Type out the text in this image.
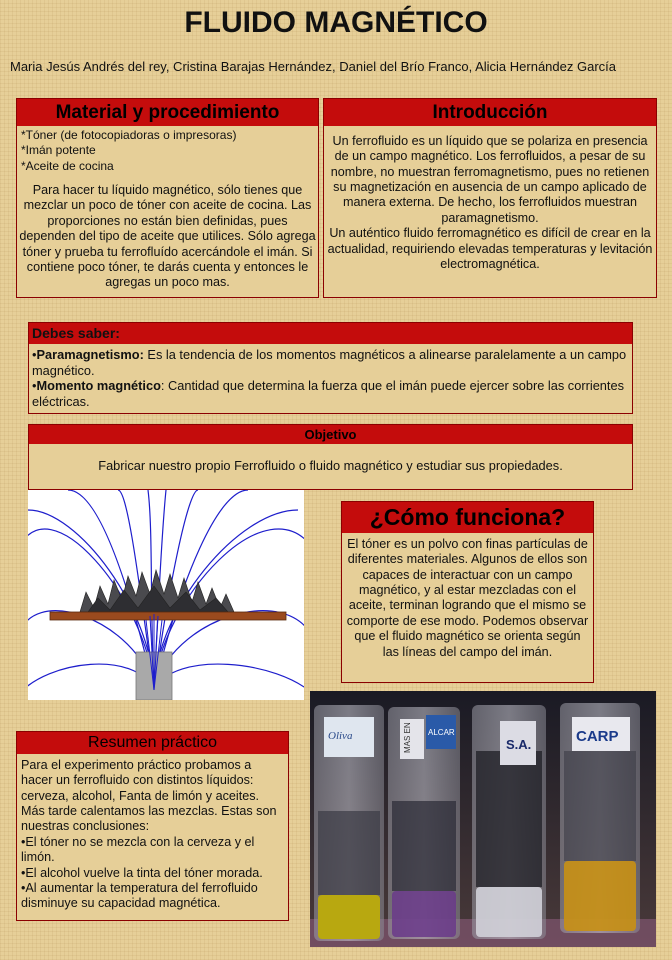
FLUIDO MAGNÉTICO
Maria Jesús Andrés del rey, Cristina Barajas Hernández, Daniel del Brío Franco, Alicia Hernández García
Material y procedimiento
*Tóner (de fotocopiadoras o impresoras)
*Imán potente
*Aceite de cocina
Para hacer tu líquido magnético, sólo tienes que mezclar un poco de tóner con aceite de cocina. Las proporciones no están bien definidas, pues dependen del tipo de aceite que utilices. Sólo agrega tóner y prueba tu ferrofluído acercándole el imán. Si contiene poco tóner, te darás cuenta y entonces le agregas un poco mas.
Introducción
Un ferrofluido es un líquido que se polariza en presencia de un campo magnético. Los ferrofluidos, a pesar de su nombre, no muestran ferromagnetismo, pues no retienen su magnetización en ausencia de un campo aplicado de manera externa. De hecho, los ferrofluidos muestran paramagnetismo.
Un auténtico fluido ferromagnético es difícil de crear en la actualidad, requiriendo elevadas temperaturas y levitación electromagnética.
Debes saber:
•Paramagnetismo: Es la tendencia de los momentos magnéticos a alinearse paralelamente a un campo magnético.
•Momento magnético: Cantidad que determina la fuerza que el imán puede ejercer sobre las corrientes eléctricas.
Objetivo
Fabricar nuestro propio Ferrofluido o fluido magnético y estudiar sus propiedades.
¿Cómo funciona?
El tóner es un polvo con finas partículas de diferentes materiales. Algunos de ellos son capaces de interactuar con un campo magnético, y al estar mezcladas con el aceite, terminan logrando que el mismo se comporte de ese modo. Podemos observar que el fluido magnético se orienta según las líneas del campo del imán.
Resumen práctico
Para el experimento práctico probamos a hacer un ferrofluido con distintos líquidos: cerveza, alcohol, Fanta de limón y aceites. Más tarde calentamos las mezclas. Estas son nuestras conclusiones:
•El tóner no se mezcla con la cerveza y el limón.
•El alcohol vuelve la tinta del tóner morada.
•Al aumentar la temperatura del ferrofluido disminuye su capacidad magnética.
Oliva	MAS EN ALCAR
S.A.	CARP
